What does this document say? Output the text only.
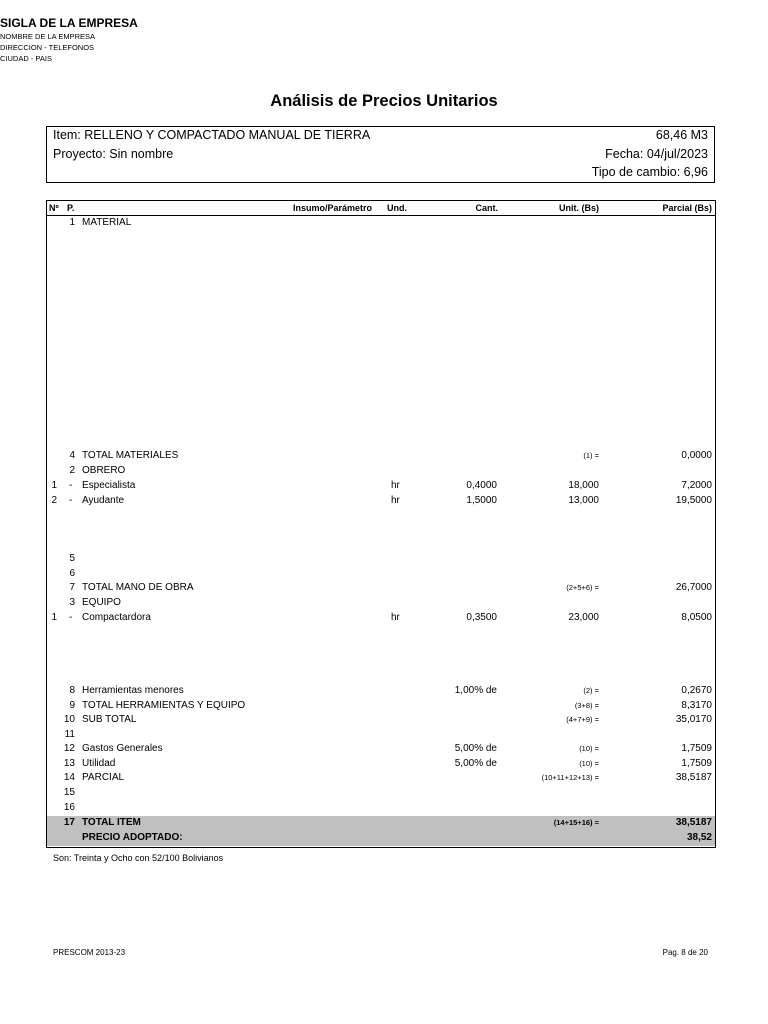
SIGLA DE LA EMPRESA
NOMBRE DE LA EMPRESA
DIRECCION - TELEFONOS
CIUDAD - PAIS
Análisis de Precios Unitarios
Item: RELLENO Y COMPACTADO MANUAL DE TIERRA	68,46 M3
Proyecto: Sin nombre	Fecha: 04/jul/2023
Tipo de cambio: 6,96
Nº P.	Insumo/Parámetro Und.	Cant.	Unit. (Bs)	Parcial (Bs)
1 MATERIAL
4 TOTAL MATERIALES	(1) =	0,0000
2 OBRERO
1 - Especialista	hr	0,4000	18,000	7,2000
2 - Ayudante	hr	1,5000	13,000	19,5000
5
6
7 TOTAL MANO DE OBRA	(2+5+6) =	26,7000
3 EQUIPO
1 - Compactardora	hr	0,3500	23,000	8,0500
8 Herramientas menores	1,00% de	(2) =	0,2670
9 TOTAL HERRAMIENTAS Y EQUIPO	(3+8) =	8,3170
10 SUB TOTAL	(4+7+9) =	35,0170
11
12 Gastos Generales	5,00% de	(10) =	1,7509
13 Utilidad	5,00% de	(10) =	1,7509
14 PARCIAL	(10+11+12+13) =	38,5187
15
16
17 TOTAL ITEM	(14+15+16) =	38,5187
PRECIO ADOPTADO:	38,52
Son: Treinta y Ocho con 52/100 Bolivianos
PRESCOM 2013-23	Pag. 8 de 20
